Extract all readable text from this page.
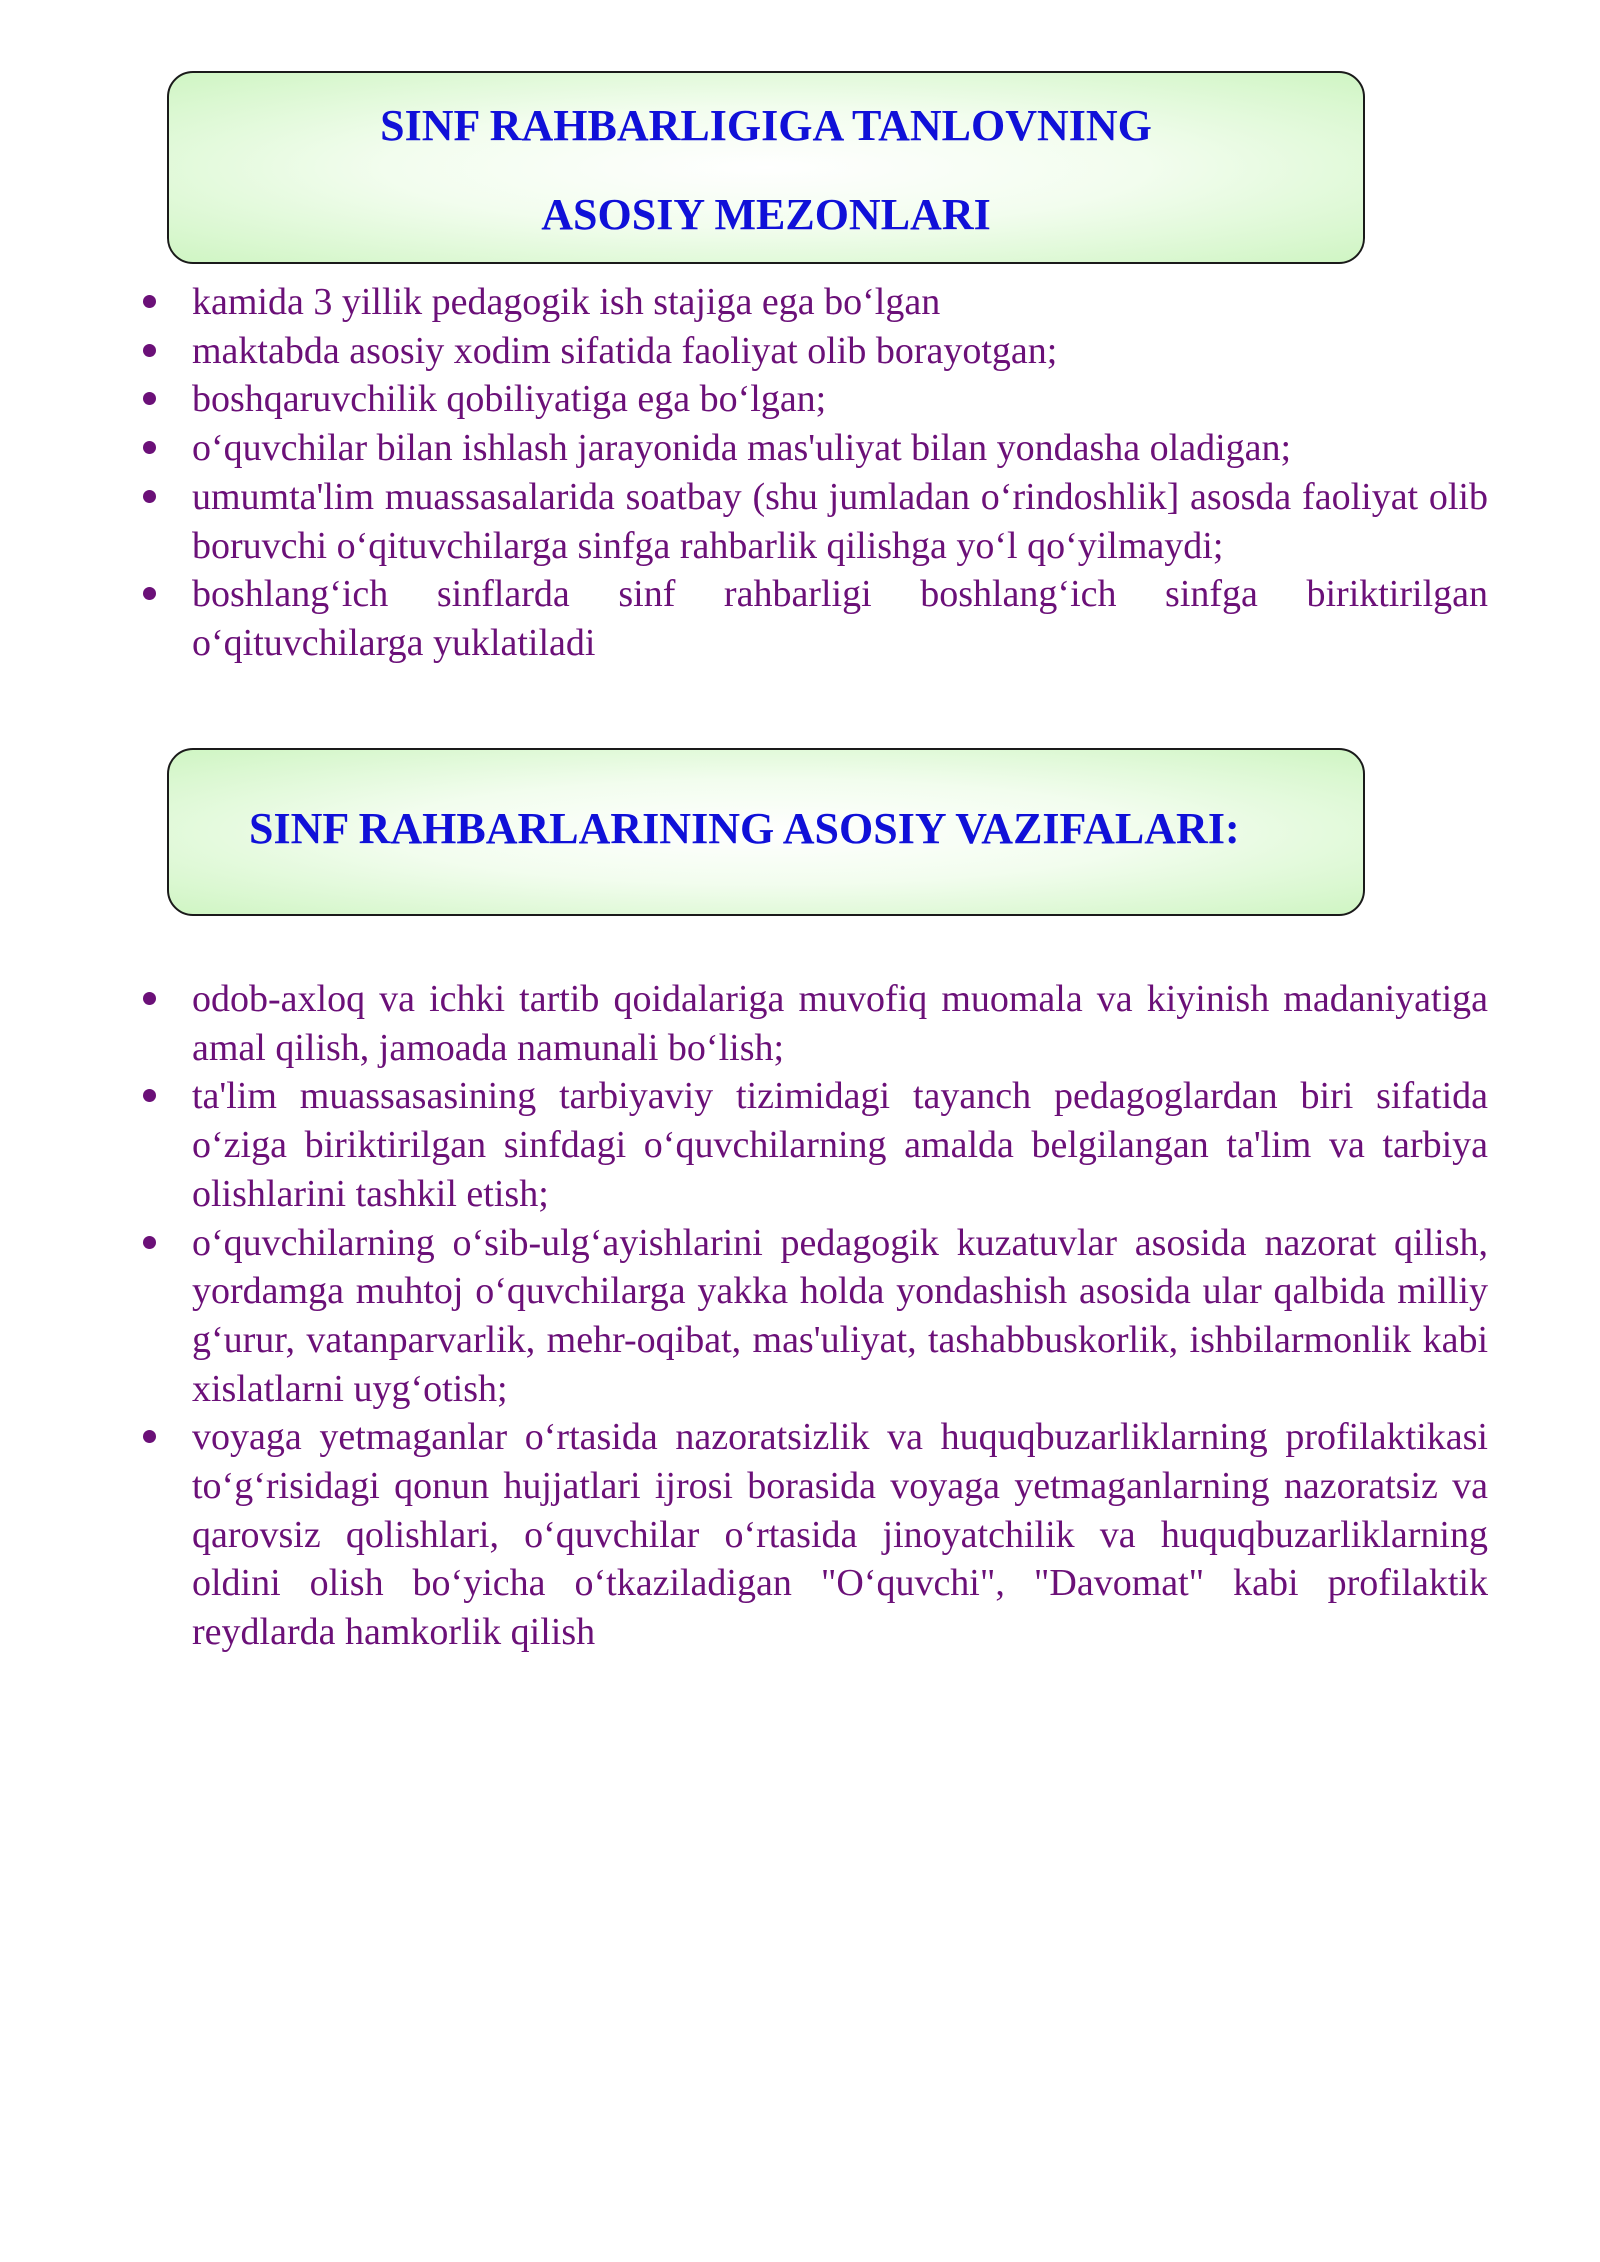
SINF RAHBARLIGIGA TANLOVNING
ASOSIY MEZONLARI
kamida 3 yillik pedagogik ish stajiga ega bo‘lgan
maktabda asosiy xodim sifatida faoliyat olib borayotgan;
boshqaruvchilik qobiliyatiga ega bo‘lgan;
o‘quvchilar bilan ishlash jarayonida mas'uliyat bilan yondasha oladigan;
umumta'lim muassasalarida soatbay (shu jumladan o‘rindoshlik] asosda faoliyat olib boruvchi o‘qituvchilarga sinfga rahbarlik qilishga yo‘l qo‘yilmaydi;
boshlang‘ich sinflarda sinf rahbarligi boshlang‘ich sinfga biriktirilgan o‘qituvchilarga yuklatiladi
SINF RAHBARLARINING ASOSIY VAZIFALARI:
odob-axloq va ichki tartib qoidalariga muvofiq muomala va kiyinish madaniyatiga amal qilish, jamoada namunali bo‘lish;
ta'lim muassasasining tarbiyaviy tizimidagi tayanch pedagoglardan biri sifatida o‘ziga biriktirilgan sinfdagi o‘quvchilarning amalda belgilangan ta'lim va tarbiya olishlarini tashkil etish;
o‘quvchilarning o‘sib-ulg‘ayishlarini pedagogik kuzatuvlar asosida nazorat qilish, yordamga muhtoj o‘quvchilarga yakka holda yondashish asosida ular qalbida milliy g‘urur, vatanparvarlik, mehr-oqibat, mas'uliyat, tashabbuskorlik, ishbilarmonlik kabi xislatlarni uyg‘otish;
voyaga yetmaganlar o‘rtasida nazoratsizlik va huquqbuzarliklarning profilaktikasi to‘g‘risidagi qonun hujjatlari ijrosi borasida voyaga yetmaganlarning nazoratsiz va qarovsiz qolishlari, o‘quvchilar o‘rtasida jinoyatchilik va huquqbuzarliklarning oldini olish bo‘yicha o‘tkaziladigan "O‘quvchi", "Davomat" kabi profilaktik reydlarda hamkorlik qilish
